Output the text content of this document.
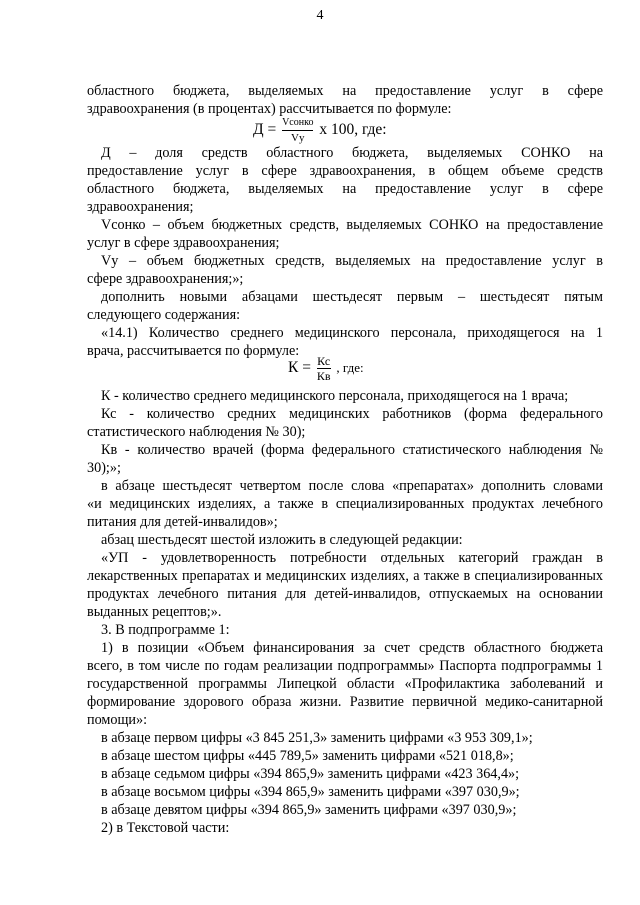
4
областного бюджета, выделяемых на предоставление услуг в сфере
здравоохранения (в процентах) рассчитывается по формуле:
Д – доля средств областного бюджета, выделяемых СОНКО на
предоставление услуг в сфере здравоохранения, в общем объеме средств
областного бюджета, выделяемых на предоставление услуг в сфере
здравоохранения;
Vсонко – объем бюджетных средств, выделяемых СОНКО на предоставление
услуг в сфере здравоохранения;
Vу – объем бюджетных средств, выделяемых на предоставление услуг в
сфере здравоохранения;»;
дополнить новыми абзацами шестьдесят первым – шестьдесят пятым
следующего содержания:
«14.1) Количество среднего медицинского персонала, приходящегося на 1
врача, рассчитывается по формуле:
К - количество среднего медицинского персонала, приходящегося на 1 врача;
Кс - количество средних медицинских работников (форма федерального
статистического наблюдения № 30);
Кв - количество врачей (форма федерального статистического наблюдения №
30);»;
в абзаце шестьдесят четвертом после слова «препаратах» дополнить словами
«и медицинских изделиях, а также в специализированных продуктах лечебного
питания для детей-инвалидов»;
абзац шестьдесят шестой изложить в следующей редакции:
«УП - удовлетворенность потребности отдельных категорий граждан в
лекарственных препаратах и медицинских изделиях, а также в специализированных
продуктах лечебного питания для детей-инвалидов, отпускаемых на основании
выданных рецептов;».
3. В подпрограмме 1:
1) в позиции «Объем финансирования за счет средств областного бюджета
всего, в том числе по годам реализации подпрограммы» Паспорта подпрограммы 1
государственной программы Липецкой области «Профилактика заболеваний и
формирование здорового образа жизни. Развитие первичной медико-санитарной
помощи»:
в абзаце первом цифры «3 845 251,3» заменить цифрами «3 953 309,1»;
в абзаце шестом цифры «445 789,5» заменить цифрами «521 018,8»;
в абзаце седьмом цифры «394 865,9» заменить цифрами «423 364,4»;
в абзаце восьмом цифры «394 865,9» заменить цифрами «397 030,9»;
в абзаце девятом цифры «394 865,9» заменить цифрами «397 030,9»;
2) в Текстовой части:
$Д = \frac{\text{Vсонко}}{Vу}$ х 100, где:
$К = \frac{Кс}{Кв}$ , где:
